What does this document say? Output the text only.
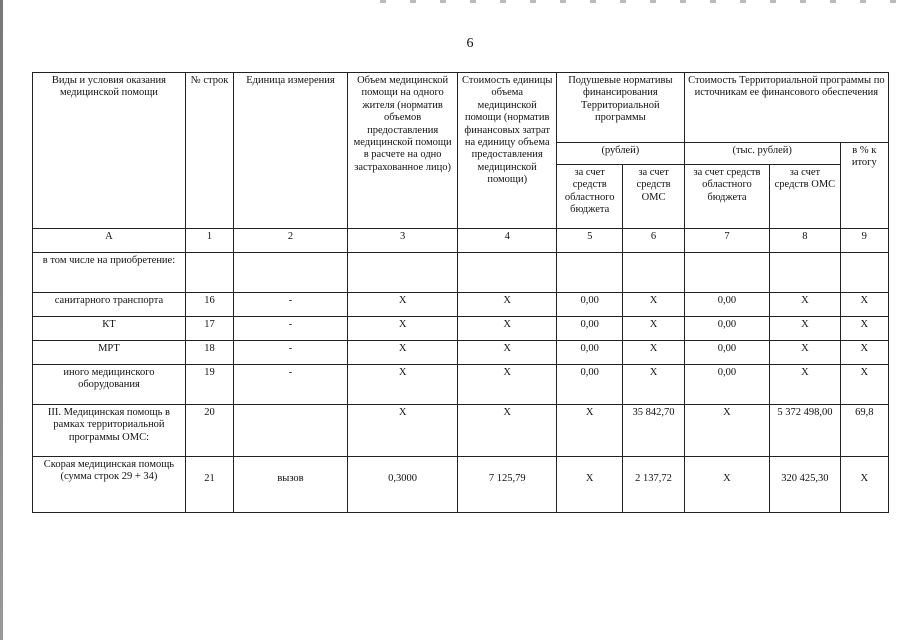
6
Виды и условия оказания медицинской помощи	№ строк	Единица измерения	Объем медицинской помощи на одного жителя (норматив объемов предоставления медицинской помощи в расчете на одно застрахованное лицо)	Стоимость единицы объема медицинской помощи (норматив финансовых затрат на единицу объема предоставления медицинской помощи)	Подушевые нормативы финансирования Территориальной программы		Стоимость Территориальной программы по источникам ее финансового обеспечения		
					(рублей)		(тыс. рублей)		в % к итогу
					за счет средств областного бюджета	за счет средств ОМС	за счет средств областного бюджета	за счет средств ОМС	
А	1	2	3	4	5	6	7	8	9
в том числе на приобретение:									
санитарного транспорта	16	-	Х	Х	0,00	Х	0,00	Х	Х
КТ	17	-	Х	Х	0,00	Х	0,00	Х	Х
МРТ	18	-	Х	Х	0,00	Х	0,00	Х	Х
иного медицинского оборудования	19	-	Х	Х	0,00	Х	0,00	Х	Х
III. Медицинская помощь в рамках территориальной программы ОМС:	20		Х	Х	Х	35 842,70	Х	5 372 498,00	69,8
Скорая медицинская помощь (сумма строк 29 + 34)	21	вызов	0,3000	7 125,79	Х	2 137,72	Х	320 425,30	Х
